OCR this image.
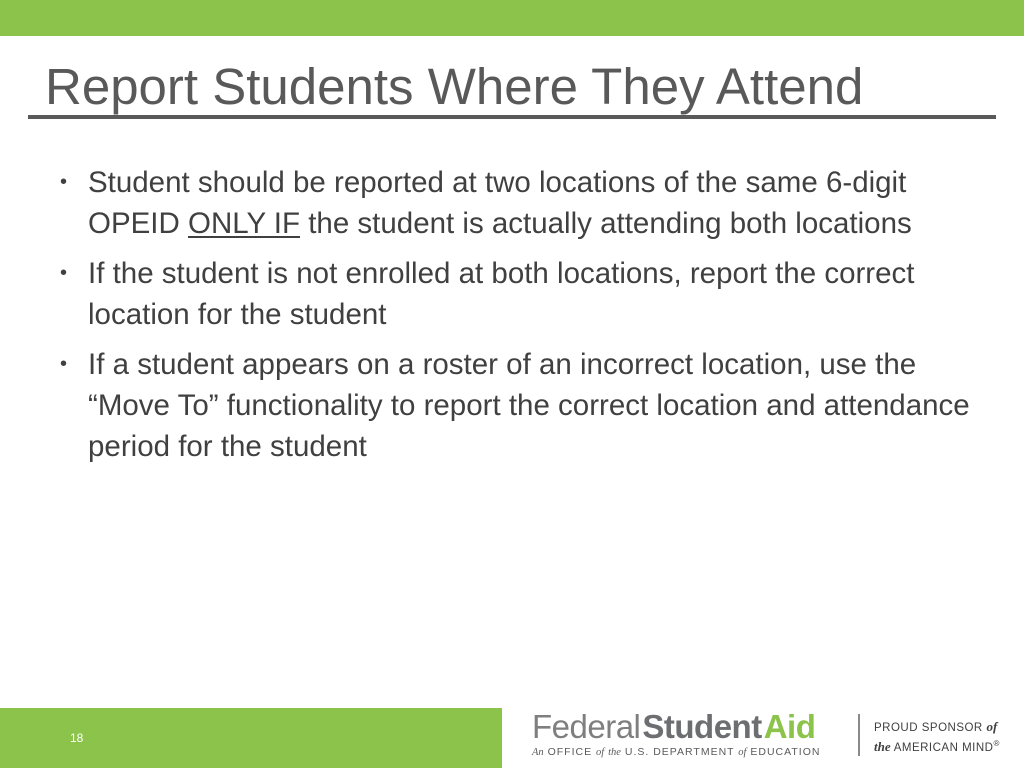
Report Students Where They Attend
• Student should be reported at two locations of the same 6-digit OPEID ONLY IF the student is actually attending both locations
• If the student is not enrolled at both locations, report the correct location for the student
• If a student appears on a roster of an incorrect location, use the “Move To” functionality to report the correct location and attendance period for the student
18	FederalStudentAid
An OFFICE of the U.S. DEPARTMENT of EDUCATION
PROUD SPONSOR of
the AMERICAN MIND®
